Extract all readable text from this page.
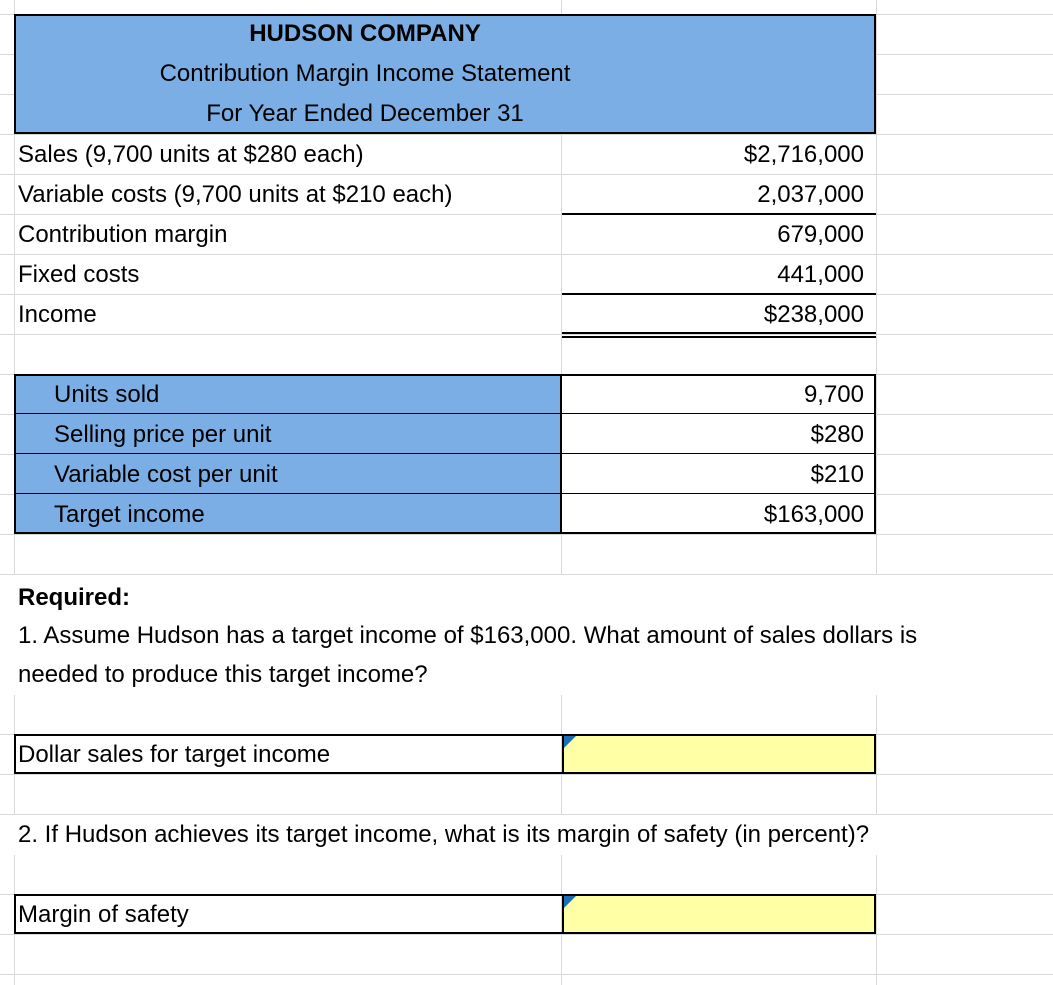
HUDSON COMPANY
Contribution Margin Income Statement
For Year Ended December 31
Sales (9,700 units at $280 each)	$2,716,000
Variable costs (9,700 units at $210 each)	2,037,000
Contribution margin	679,000
Fixed costs	441,000
Income	$238,000
Units sold	9,700
Selling price per unit	$280
Variable cost per unit	$210
Target income	$163,000
Required:
1. Assume Hudson has a target income of $163,000. What amount of sales dollars is
needed to produce this target income?
Dollar sales for target income
2. If Hudson achieves its target income, what is its margin of safety (in percent)?
Margin of safety
